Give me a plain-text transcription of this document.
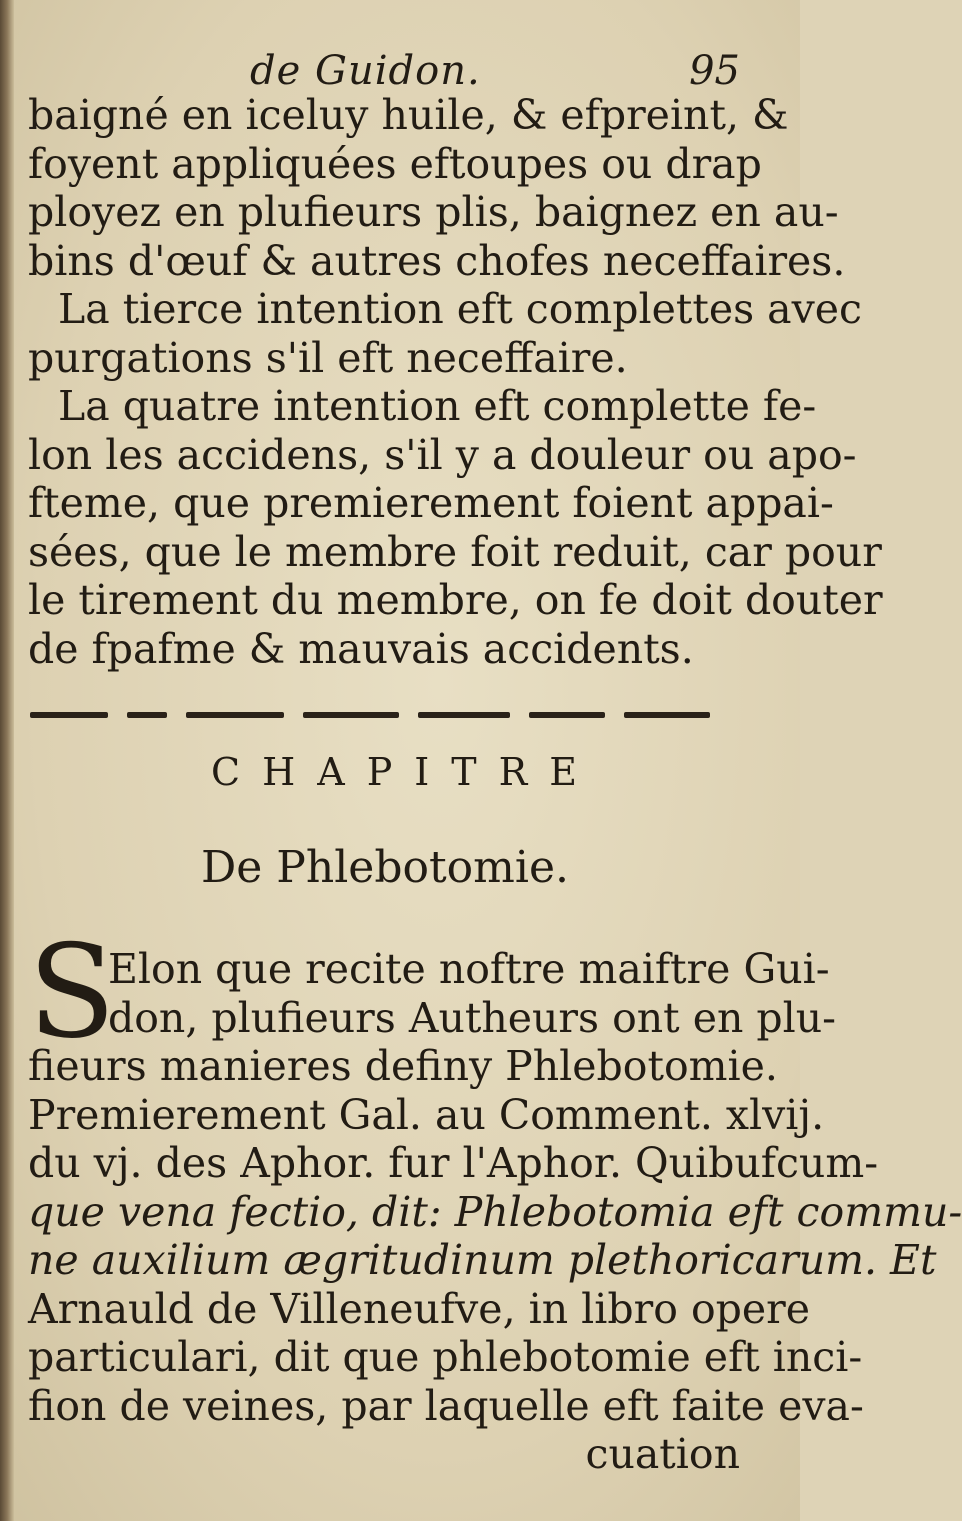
de Guidon.	95
baigné en iceluy huile, & efpreint, &
foyent appliquées eftoupes ou drap
ployez en plufieurs plis, baignez en au-
bins d'œuf & autres chofes neceffaires.
La tierce intention eft complettes avec
purgations s'il eft neceffaire.
La quatre intention eft complette fe-
lon les accidens, s'il y a douleur ou apo-
fteme, que premierement foient appai-
sées, que le membre foit reduit, car pour
le tirement du membre, on fe doit douter
de fpafme & mauvais accidents.
CHAPITRE
De Phlebotomie.
S
Elon que recite noftre maiftre Gui-
don, plufieurs Autheurs ont en plu-
fieurs manieres definy Phlebotomie.
Premierement Gal. au Comment. xlvij.
du vj. des Aphor. fur l'Aphor. Quibufcum-
que vena fectio, dit: Phlebotomia eft commu-
ne auxilium ægritudinum plethoricarum. Et
Arnauld de Villeneufve, in libro opere
particulari, dit que phlebotomie eft inci-
fion de veines, par laquelle eft faite eva-
cuation
